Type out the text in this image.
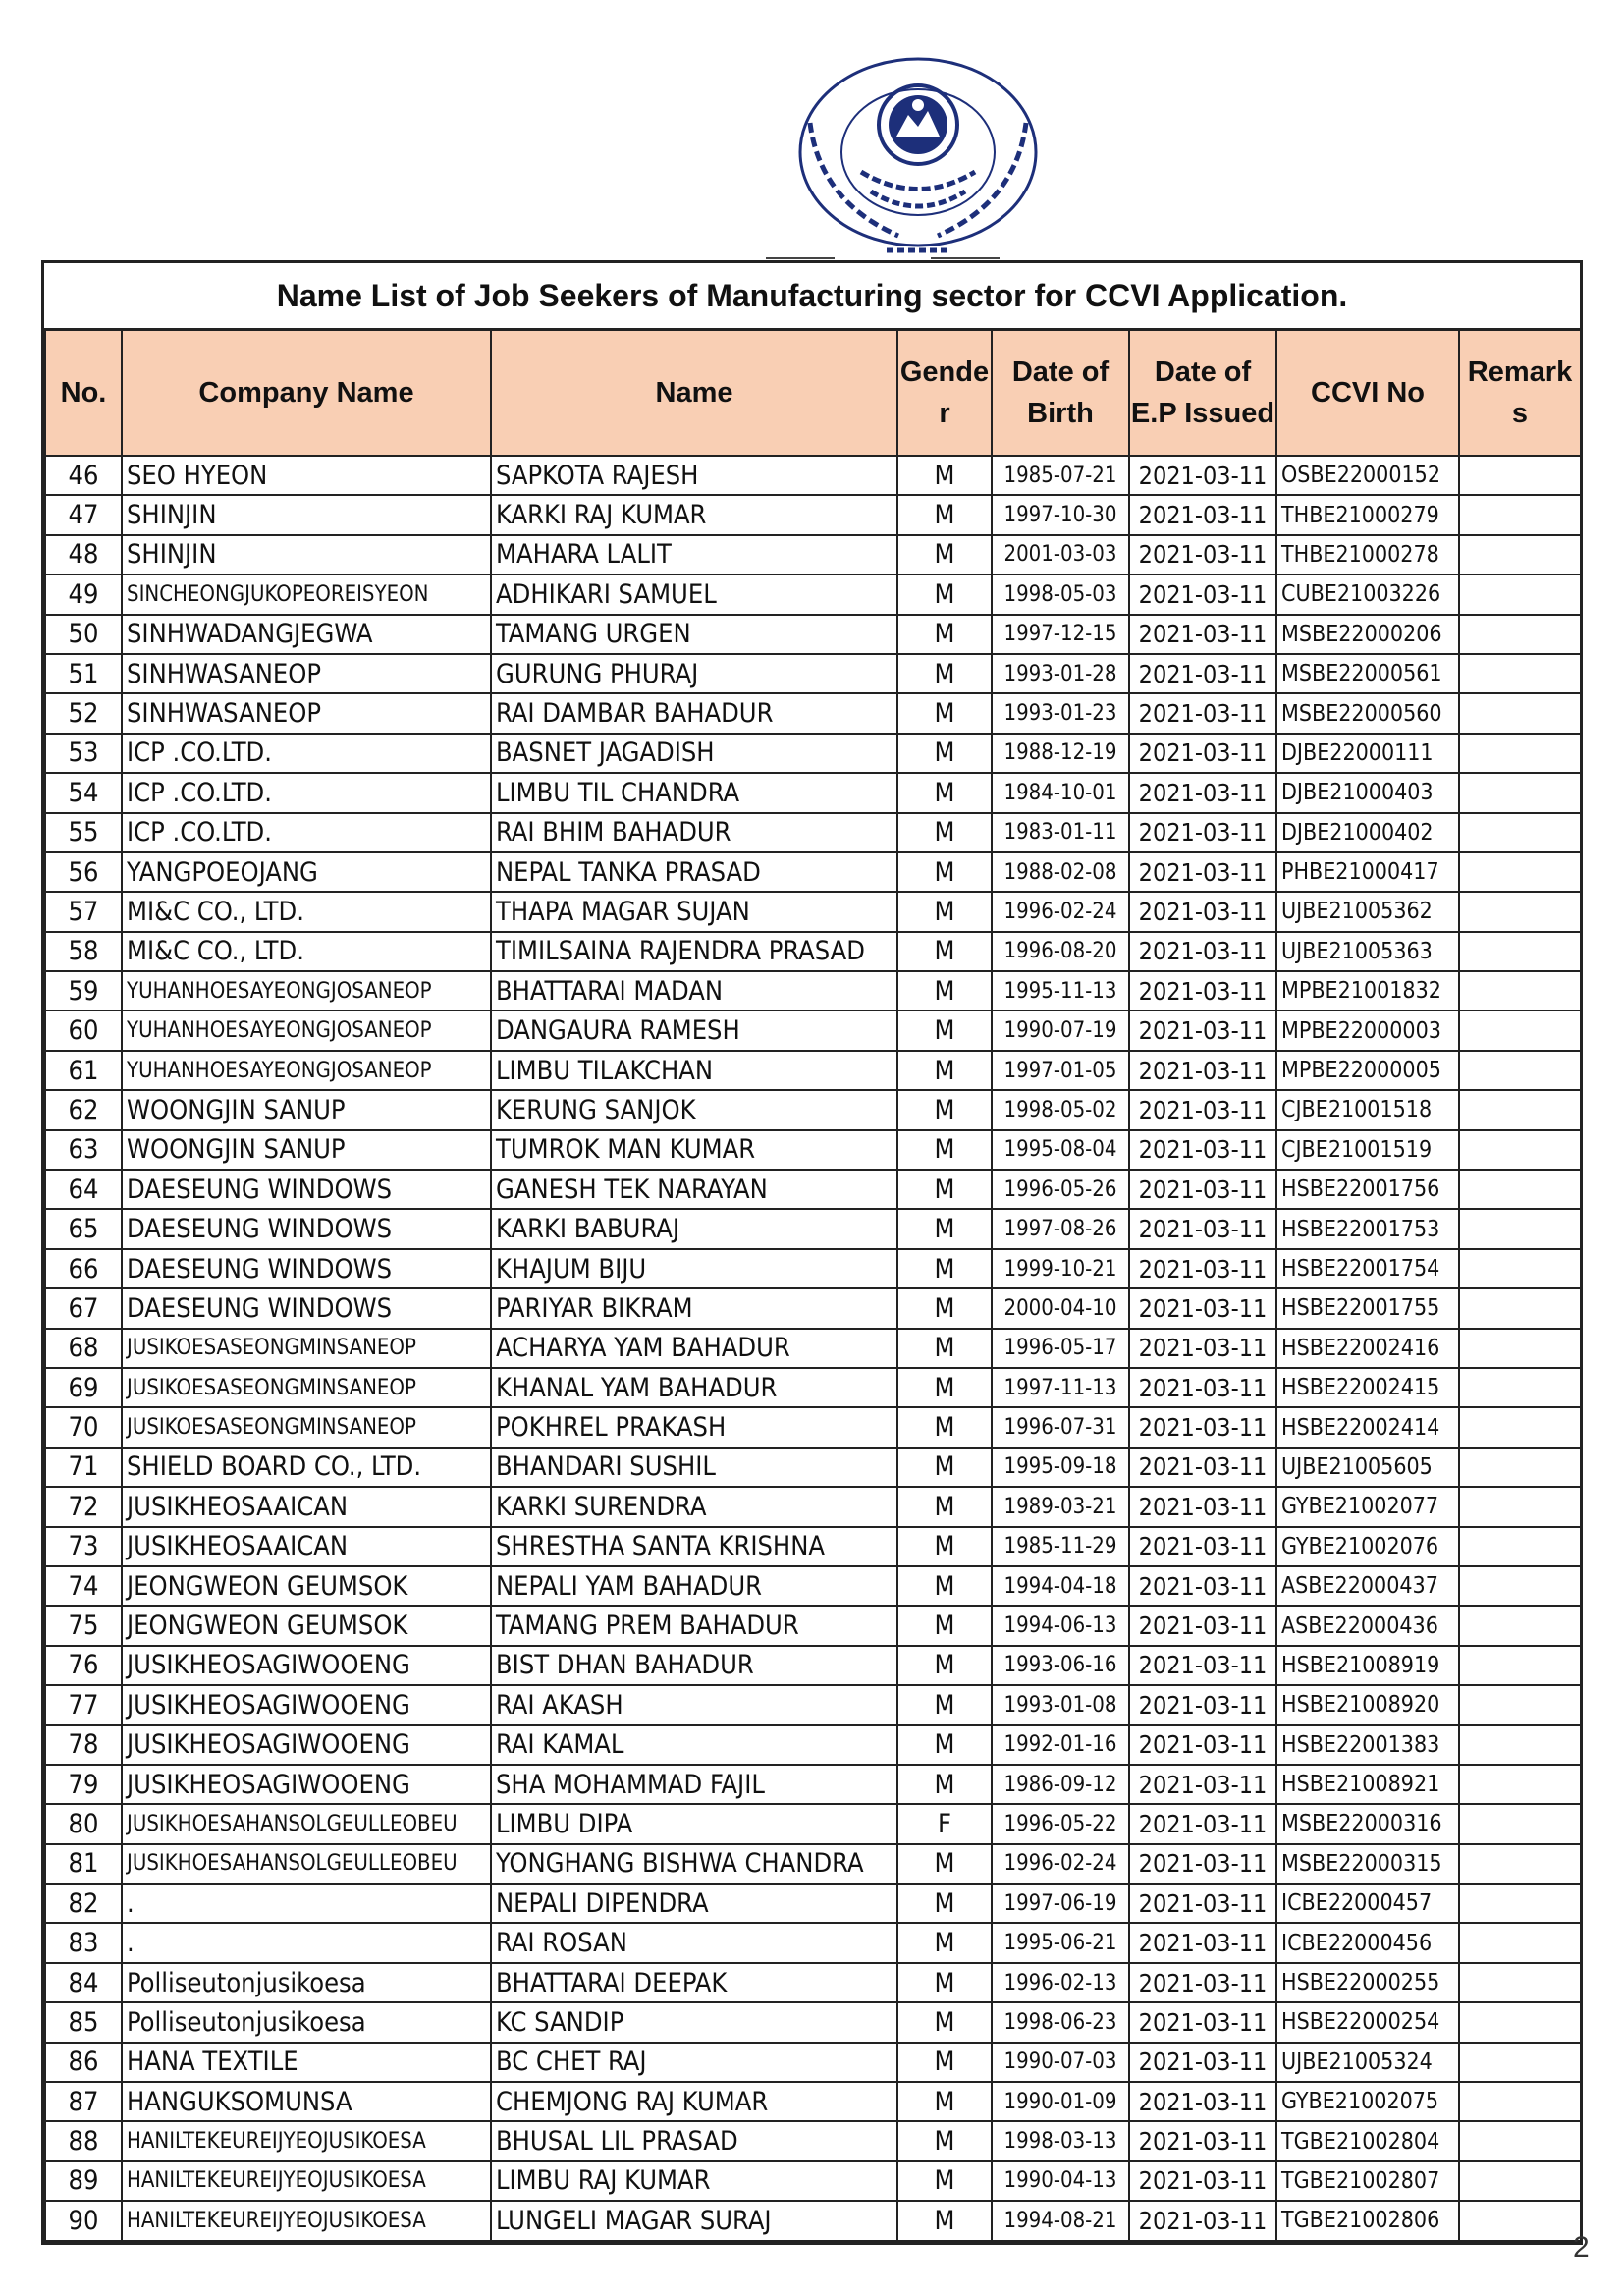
Name List of Job Seekers of Manufacturing sector for CCVI Application.
No.	Company Name	Name	Gender	Date of Birth	Date of E.P Issued	CCVI No	Remarks
46	SEO HYEON	SAPKOTA RAJESH	M	1985-07-21	2021-03-11	OSBE22000152	
47	SHINJIN	KARKI RAJ KUMAR	M	1997-10-30	2021-03-11	THBE21000279	
48	SHINJIN	MAHARA LALIT	M	2001-03-03	2021-03-11	THBE21000278	
49	SINCHEONGJUKOPEOREISYEON	ADHIKARI SAMUEL	M	1998-05-03	2021-03-11	CUBE21003226	
50	SINHWADANGJEGWA	TAMANG URGEN	M	1997-12-15	2021-03-11	MSBE22000206	
51	SINHWASANEOP	GURUNG PHURAJ	M	1993-01-28	2021-03-11	MSBE22000561	
52	SINHWASANEOP	RAI DAMBAR BAHADUR	M	1993-01-23	2021-03-11	MSBE22000560	
53	ICP .CO.LTD.	BASNET JAGADISH	M	1988-12-19	2021-03-11	DJBE22000111	
54	ICP .CO.LTD.	LIMBU TIL CHANDRA	M	1984-10-01	2021-03-11	DJBE21000403	
55	ICP .CO.LTD.	RAI BHIM BAHADUR	M	1983-01-11	2021-03-11	DJBE21000402	
56	YANGPOEOJANG	NEPAL TANKA PRASAD	M	1988-02-08	2021-03-11	PHBE21000417	
57	MI&C CO., LTD.	THAPA MAGAR SUJAN	M	1996-02-24	2021-03-11	UJBE21005362	
58	MI&C CO., LTD.	TIMILSAINA RAJENDRA PRASAD	M	1996-08-20	2021-03-11	UJBE21005363	
59	YUHANHOESAYEONGJOSANEOP	BHATTARAI MADAN	M	1995-11-13	2021-03-11	MPBE21001832	
60	YUHANHOESAYEONGJOSANEOP	DANGAURA RAMESH	M	1990-07-19	2021-03-11	MPBE22000003	
61	YUHANHOESAYEONGJOSANEOP	LIMBU TILAKCHAN	M	1997-01-05	2021-03-11	MPBE22000005	
62	WOONGJIN SANUP	KERUNG SANJOK	M	1998-05-02	2021-03-11	CJBE21001518	
63	WOONGJIN SANUP	TUMROK MAN KUMAR	M	1995-08-04	2021-03-11	CJBE21001519	
64	DAESEUNG WINDOWS	GANESH TEK NARAYAN	M	1996-05-26	2021-03-11	HSBE22001756	
65	DAESEUNG WINDOWS	KARKI BABURAJ	M	1997-08-26	2021-03-11	HSBE22001753	
66	DAESEUNG WINDOWS	KHAJUM BIJU	M	1999-10-21	2021-03-11	HSBE22001754	
67	DAESEUNG WINDOWS	PARIYAR BIKRAM	M	2000-04-10	2021-03-11	HSBE22001755	
68	JUSIKOESASEONGMINSANEOP	ACHARYA YAM BAHADUR	M	1996-05-17	2021-03-11	HSBE22002416	
69	JUSIKOESASEONGMINSANEOP	KHANAL YAM BAHADUR	M	1997-11-13	2021-03-11	HSBE22002415	
70	JUSIKOESASEONGMINSANEOP	POKHREL PRAKASH	M	1996-07-31	2021-03-11	HSBE22002414	
71	SHIELD BOARD CO., LTD.	BHANDARI SUSHIL	M	1995-09-18	2021-03-11	UJBE21005605	
72	JUSIKHEOSAAICAN	KARKI SURENDRA	M	1989-03-21	2021-03-11	GYBE21002077	
73	JUSIKHEOSAAICAN	SHRESTHA SANTA KRISHNA	M	1985-11-29	2021-03-11	GYBE21002076	
74	JEONGWEON GEUMSOK	NEPALI YAM BAHADUR	M	1994-04-18	2021-03-11	ASBE22000437	
75	JEONGWEON GEUMSOK	TAMANG PREM BAHADUR	M	1994-06-13	2021-03-11	ASBE22000436	
76	JUSIKHEOSAGIWOOENG	BIST DHAN BAHADUR	M	1993-06-16	2021-03-11	HSBE21008919	
77	JUSIKHEOSAGIWOOENG	RAI AKASH	M	1993-01-08	2021-03-11	HSBE21008920	
78	JUSIKHEOSAGIWOOENG	RAI KAMAL	M	1992-01-16	2021-03-11	HSBE22001383	
79	JUSIKHEOSAGIWOOENG	SHA MOHAMMAD FAJIL	M	1986-09-12	2021-03-11	HSBE21008921	
80	JUSIKHOESAHANSOLGEULLEOBEU	LIMBU DIPA	F	1996-05-22	2021-03-11	MSBE22000316	
81	JUSIKHOESAHANSOLGEULLEOBEU	YONGHANG BISHWA CHANDRA	M	1996-02-24	2021-03-11	MSBE22000315	
82	.	NEPALI DIPENDRA	M	1997-06-19	2021-03-11	ICBE22000457	
83	.	RAI ROSAN	M	1995-06-21	2021-03-11	ICBE22000456	
84	Polliseutonjusikoesa	BHATTARAI DEEPAK	M	1996-02-13	2021-03-11	HSBE22000255	
85	Polliseutonjusikoesa	KC SANDIP	M	1998-06-23	2021-03-11	HSBE22000254	
86	HANA TEXTILE	BC CHET RAJ	M	1990-07-03	2021-03-11	UJBE21005324	
87	HANGUKSOMUNSA	CHEMJONG RAJ KUMAR	M	1990-01-09	2021-03-11	GYBE21002075	
88	HANILTEKEUREIJYEOJUSIKOESA	BHUSAL LIL PRASAD	M	1998-03-13	2021-03-11	TGBE21002804	
89	HANILTEKEUREIJYEOJUSIKOESA	LIMBU RAJ KUMAR	M	1990-04-13	2021-03-11	TGBE21002807	
90	HANILTEKEUREIJYEOJUSIKOESA	LUNGELI MAGAR SURAJ	M	1994-08-21	2021-03-11	TGBE21002806	
2
